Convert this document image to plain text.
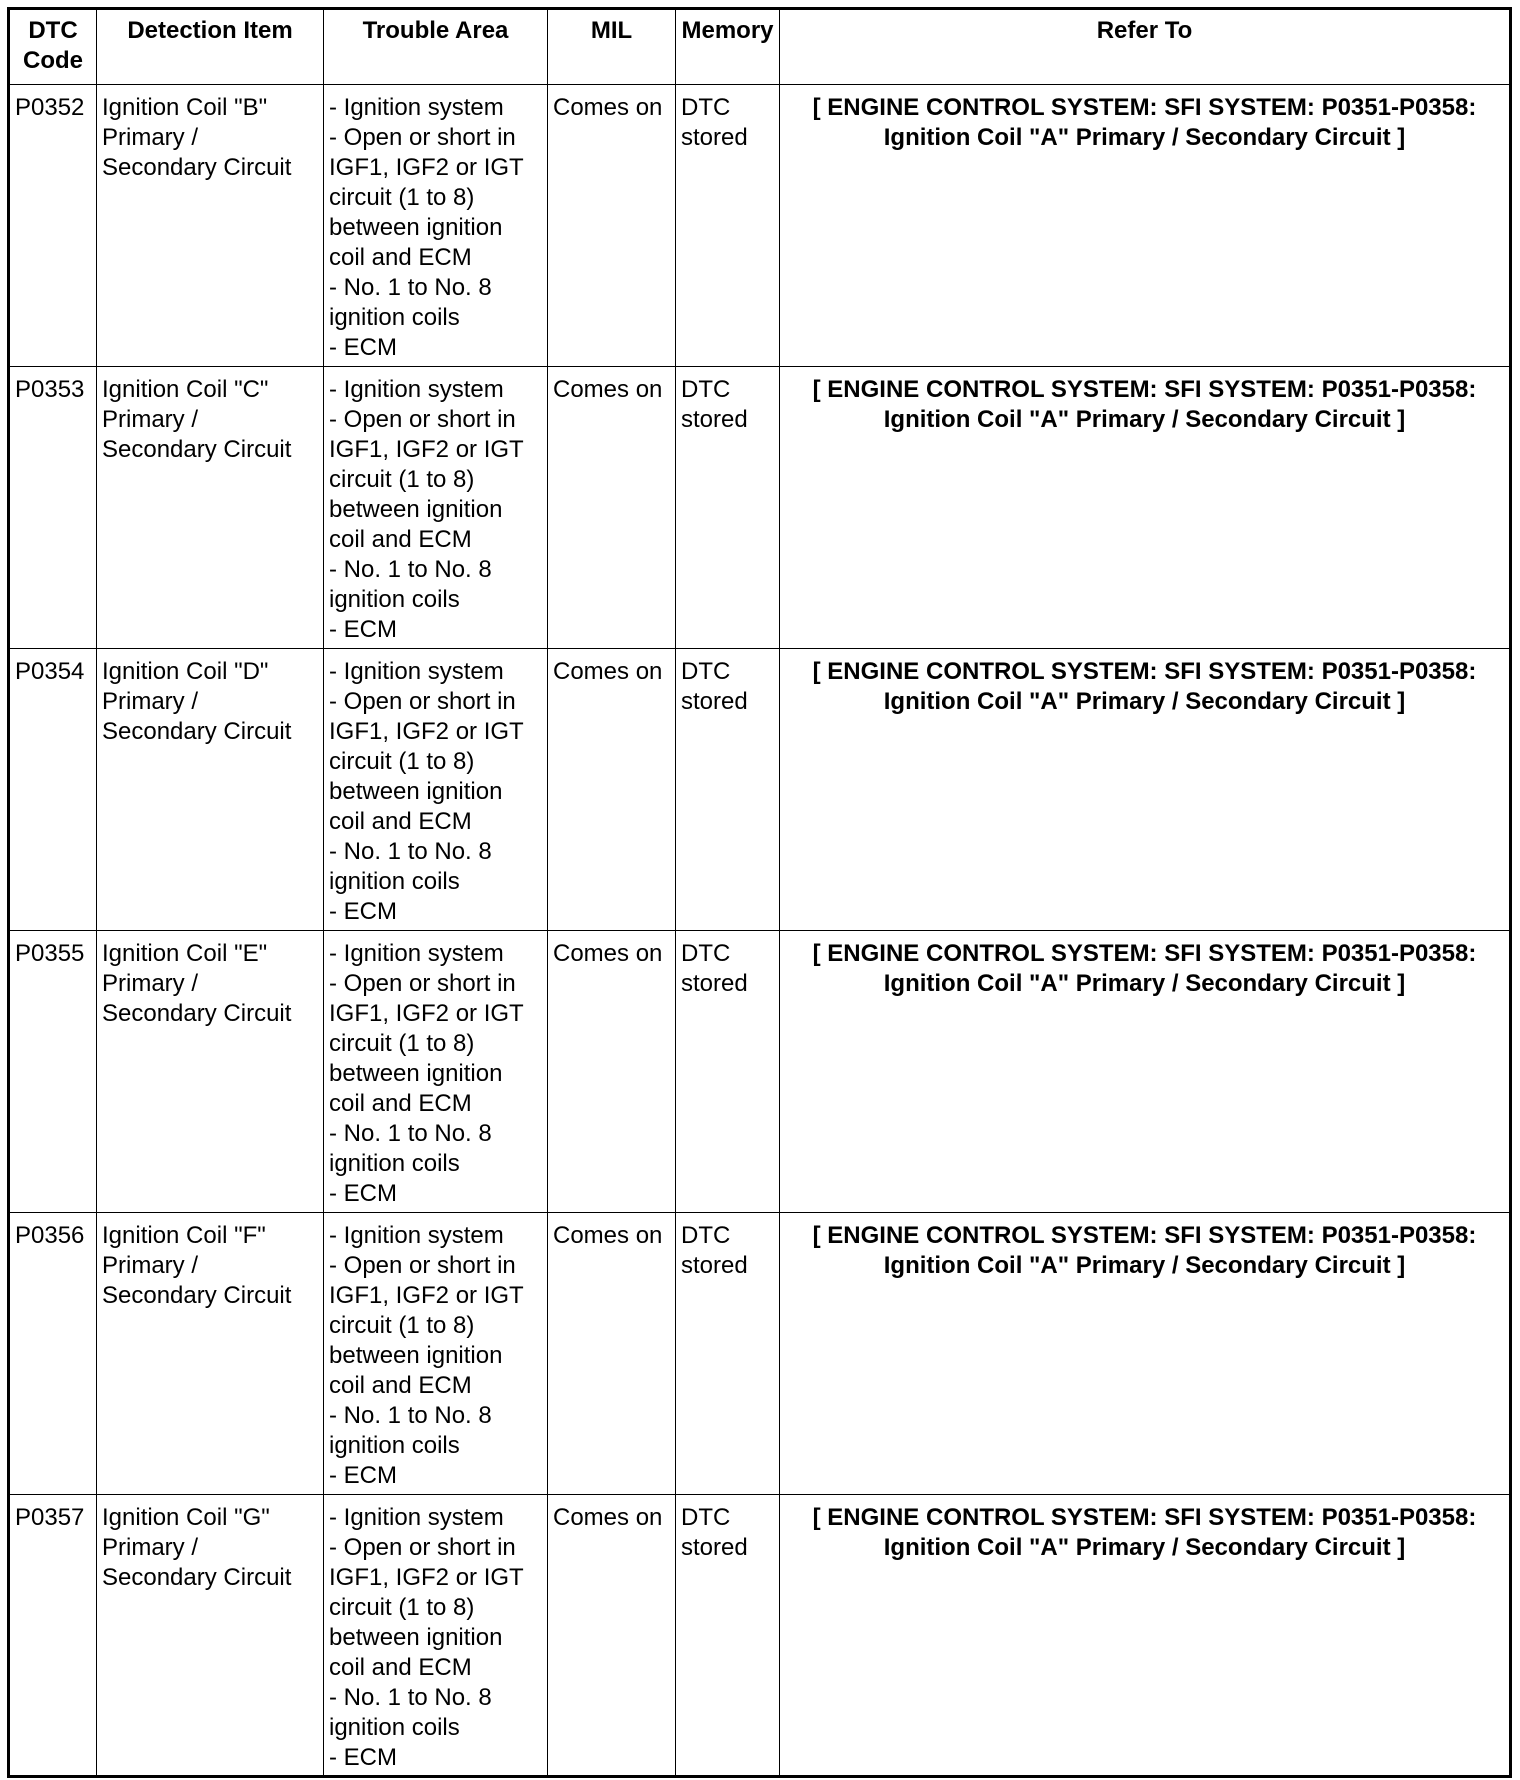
DTC Code	Detection Item	Trouble Area	MIL	Memory	Refer To
P0352	Ignition Coil "B" Primary / Secondary Circuit	- Ignition system
- Open or short in IGF1, IGF2 or IGT circuit (1 to 8) between ignition coil and ECM
- No. 1 to No. 8 ignition coils
- ECM	Comes on	DTC stored	[ ENGINE CONTROL SYSTEM: SFI SYSTEM: P0351-P0358: Ignition Coil "A" Primary / Secondary Circuit ]
P0353	Ignition Coil "C" Primary / Secondary Circuit	- Ignition system
- Open or short in IGF1, IGF2 or IGT circuit (1 to 8) between ignition coil and ECM
- No. 1 to No. 8 ignition coils
- ECM	Comes on	DTC stored	[ ENGINE CONTROL SYSTEM: SFI SYSTEM: P0351-P0358: Ignition Coil "A" Primary / Secondary Circuit ]
P0354	Ignition Coil "D" Primary / Secondary Circuit	- Ignition system
- Open or short in IGF1, IGF2 or IGT circuit (1 to 8) between ignition coil and ECM
- No. 1 to No. 8 ignition coils
- ECM	Comes on	DTC stored	[ ENGINE CONTROL SYSTEM: SFI SYSTEM: P0351-P0358: Ignition Coil "A" Primary / Secondary Circuit ]
P0355	Ignition Coil "E" Primary / Secondary Circuit	- Ignition system
- Open or short in IGF1, IGF2 or IGT circuit (1 to 8) between ignition coil and ECM
- No. 1 to No. 8 ignition coils
- ECM	Comes on	DTC stored	[ ENGINE CONTROL SYSTEM: SFI SYSTEM: P0351-P0358: Ignition Coil "A" Primary / Secondary Circuit ]
P0356	Ignition Coil "F" Primary / Secondary Circuit	- Ignition system
- Open or short in IGF1, IGF2 or IGT circuit (1 to 8) between ignition coil and ECM
- No. 1 to No. 8 ignition coils
- ECM	Comes on	DTC stored	[ ENGINE CONTROL SYSTEM: SFI SYSTEM: P0351-P0358: Ignition Coil "A" Primary / Secondary Circuit ]
P0357	Ignition Coil "G" Primary / Secondary Circuit	- Ignition system
- Open or short in IGF1, IGF2 or IGT circuit (1 to 8) between ignition coil and ECM
- No. 1 to No. 8 ignition coils
- ECM	Comes on	DTC stored	[ ENGINE CONTROL SYSTEM: SFI SYSTEM: P0351-P0358: Ignition Coil "A" Primary / Secondary Circuit ]
